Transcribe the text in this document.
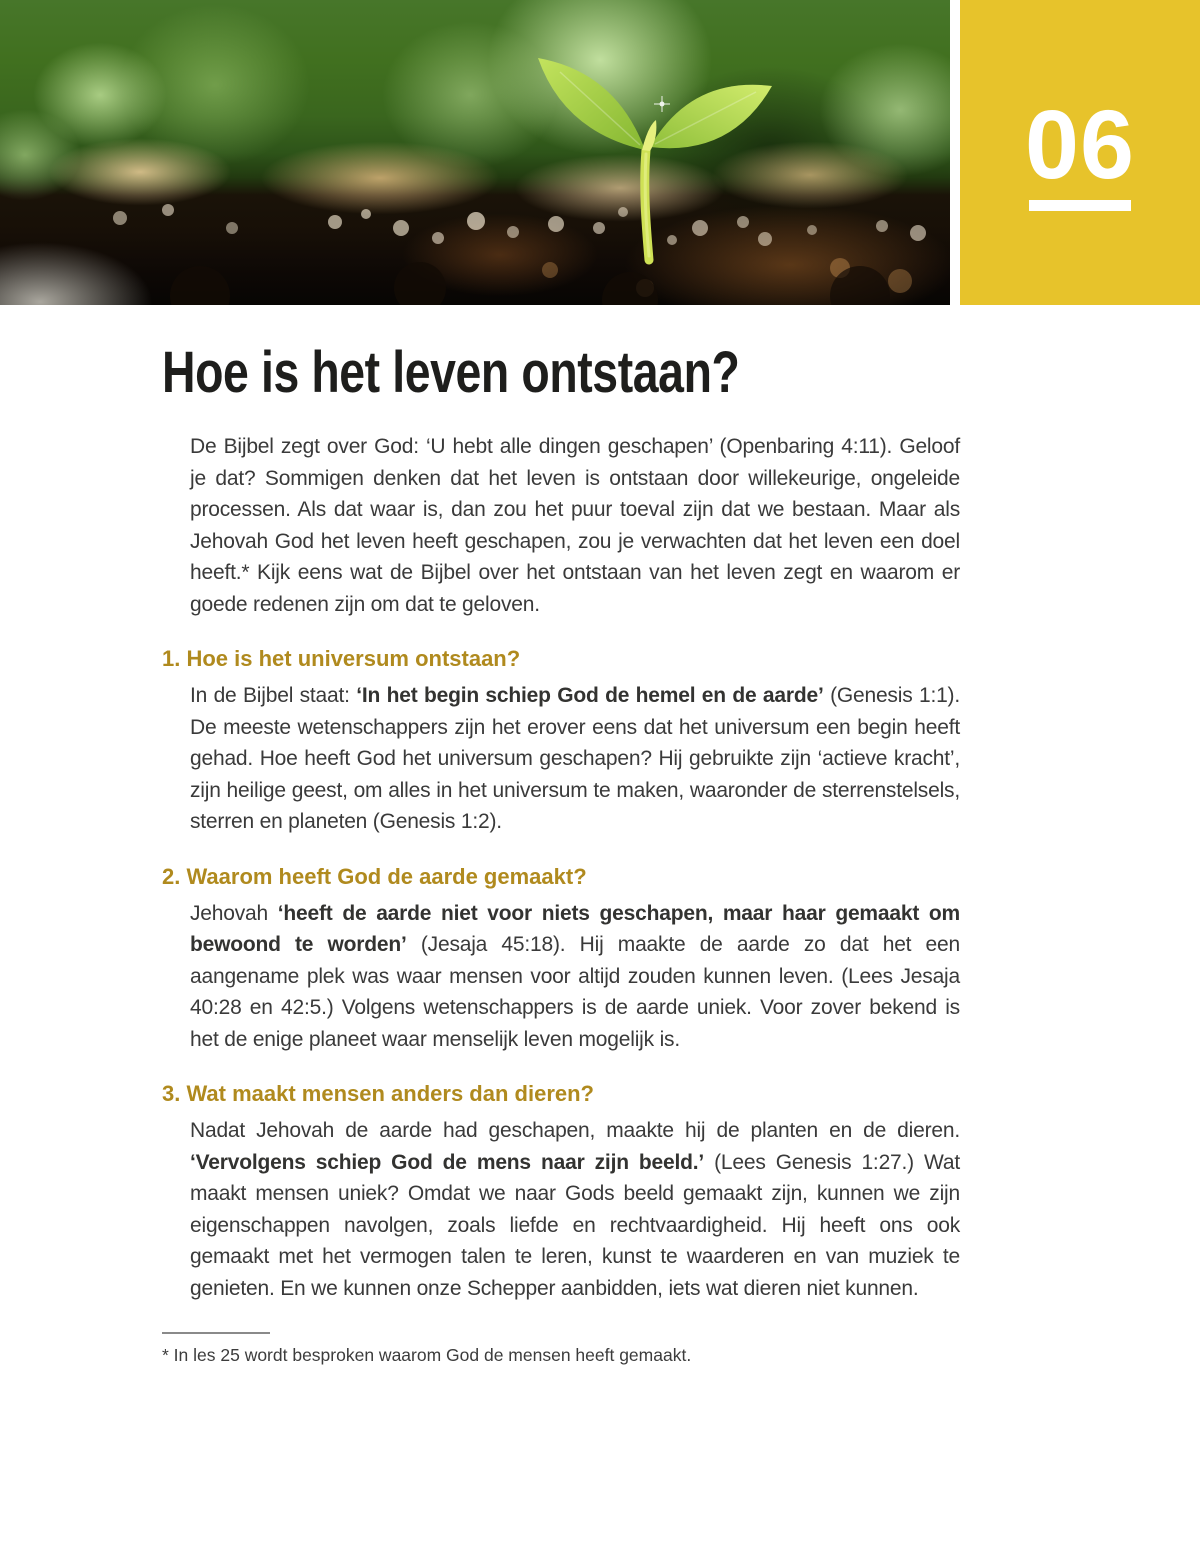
06
Hoe is het leven ontstaan?

De Bijbel zegt over God: ‘U hebt alle dingen geschapen’ (Openbaring 4:11). Geloof je dat? Sommigen denken dat het leven is ontstaan door willekeurige, ongeleide processen. Als dat waar is, dan zou het puur toeval zijn dat we bestaan. Maar als Jehovah God het leven heeft geschapen, zou je verwachten dat het leven een doel heeft.* Kijk eens wat de Bijbel over het ontstaan van het leven zegt en waarom er goede redenen zijn om dat te geloven.

1. Hoe is het universum ontstaan?

In de Bijbel staat: ‘In het begin schiep God de hemel en de aarde’ (Genesis 1:1). De meeste wetenschappers zijn het erover eens dat het universum een begin heeft gehad. Hoe heeft God het universum geschapen? Hij gebruikte zijn ‘actieve kracht’, zijn heilige geest, om alles in het universum te maken, waaronder de sterrenstelsels, sterren en planeten (Genesis 1:2).

2. Waarom heeft God de aarde gemaakt?

Jehovah ‘heeft de aarde niet voor niets geschapen, maar haar gemaakt om bewoond te worden’ (Jesaja 45:18). Hij maakte de aarde zo dat het een aangename plek was waar mensen voor altijd zouden kunnen leven. (Lees Jesaja 40:28 en 42:5.) Volgens wetenschappers is de aarde uniek. Voor zover bekend is het de enige planeet waar menselijk leven mogelijk is.

3. Wat maakt mensen anders dan dieren?

Nadat Jehovah de aarde had geschapen, maakte hij de planten en de dieren. ‘Vervolgens schiep God de mens naar zijn beeld.’ (Lees Genesis 1:27.) Wat maakt mensen uniek? Omdat we naar Gods beeld gemaakt zijn, kunnen we zijn eigenschappen navolgen, zoals liefde en rechtvaardigheid. Hij heeft ons ook gemaakt met het vermogen talen te leren, kunst te waarderen en van muziek te genieten. En we kunnen onze Schepper aanbidden, iets wat dieren niet kunnen.

* In les 25 wordt besproken waarom God de mensen heeft gemaakt.
